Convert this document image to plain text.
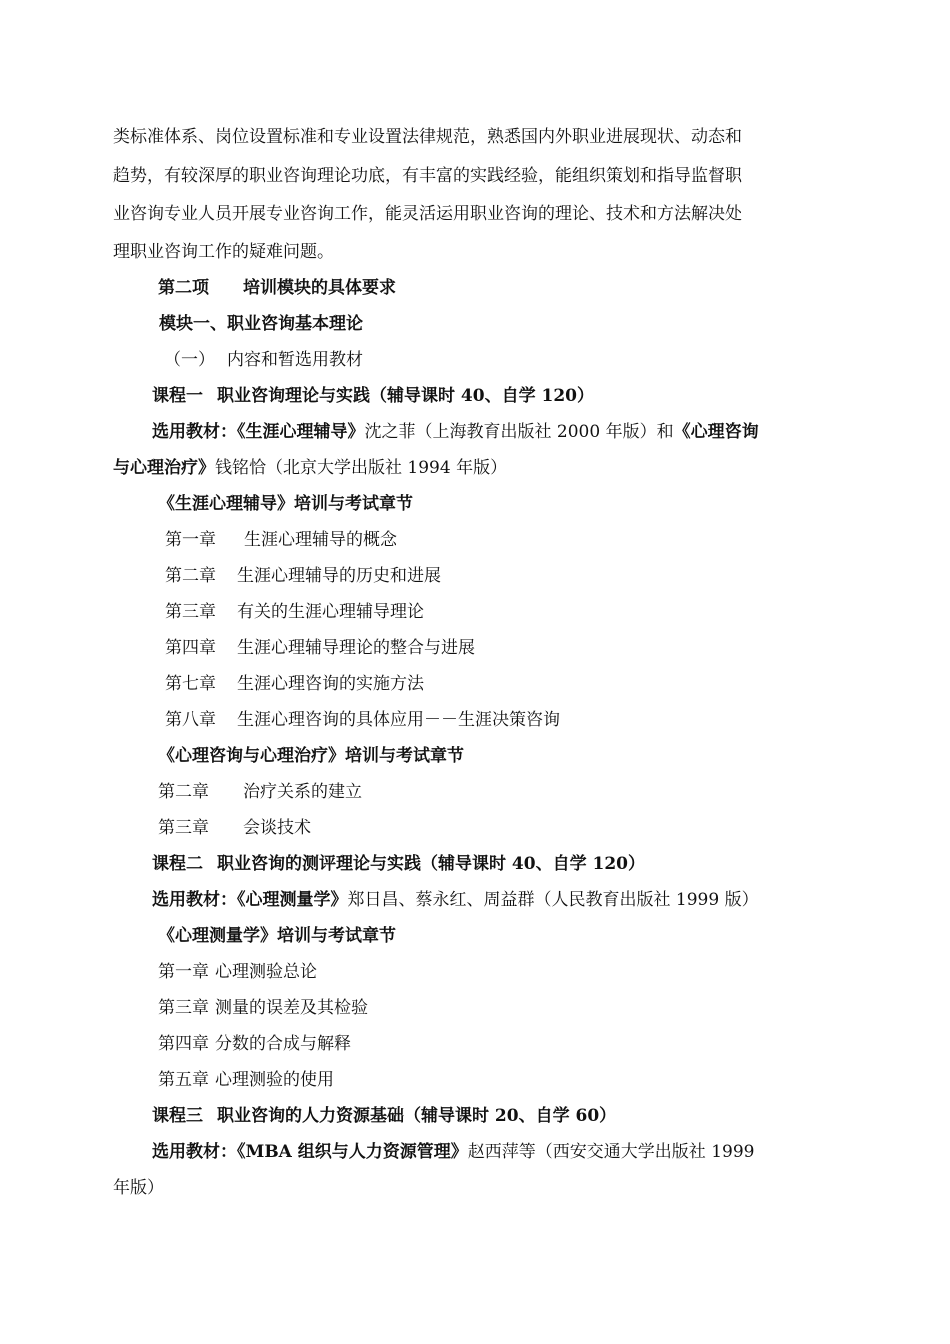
类标准体系、岗位设置标准和专业设置法律规范，熟悉国内外职业进展现状、动态和
趋势，有较深厚的职业咨询理论功底，有丰富的实践经验，能组织策划和指导监督职
业咨询专业人员开展专业咨询工作，能灵活运用职业咨询的理论、技术和方法解决处
理职业咨询工作的疑难问题。
第二项 培训模块的具体要求
模块一、职业咨询基本理论
（一） 内容和暂选用教材
课程一 职业咨询理论与实践（辅导课时 40、自学 120）
选用教材：《生涯心理辅导》沈之菲（上海教育出版社 2000 年版）和《心理咨询
与心理治疗》钱铭恰（北京大学出版社 1994 年版）
《生涯心理辅导》培训与考试章节
第一章 生涯心理辅导的概念
第二章 生涯心理辅导的历史和进展
第三章 有关的生涯心理辅导理论
第四章 生涯心理辅导理论的整合与进展
第七章 生涯心理咨询的实施方法
第八章 生涯心理咨询的具体应用－－生涯决策咨询
《心理咨询与心理治疗》培训与考试章节
第二章 治疗关系的建立
第三章 会谈技术
课程二 职业咨询的测评理论与实践（辅导课时 40、自学 120）
选用教材：《心理测量学》郑日昌、蔡永红、周益群（人民教育出版社 1999 版）
《心理测量学》培训与考试章节
第一章 心理测验总论
第三章 测量的误差及其检验
第四章 分数的合成与解释
第五章 心理测验的使用
课程三 职业咨询的人力资源基础（辅导课时 20、自学 60）
选用教材：《MBA 组织与人力资源管理》赵西萍等（西安交通大学出版社 1999
年版）
